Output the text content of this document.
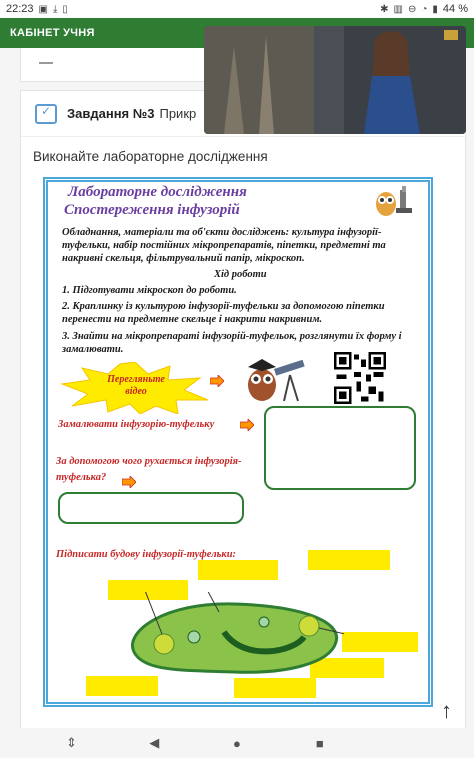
22:23 ▣ ⤓ ▯	✱ ▥ ⊖ ◔ ▮ 44 %
КАБІНЕТ УЧНЯ
✓
Завдання №3 Прикр
Виконайте лабораторне дослідження
Лабораторне дослідження
Спостереження інфузорій
Обладнання, матеріали та об'єкти досліджень: культура інфузорії-туфельки, набір постійних мікропрепаратів, піпетки, предметні та накривні скельця, фільтрувальний папір, мікроскоп.
Хід роботи
1. Підготувати мікроскоп до роботи.
2. Краплинку із культурою інфузорії-туфельки за допомогою піпетки перенести на предметне скельце і накрити накривним.
3. Знайти на мікропрепараті інфузорій-туфельок, розглянути їх форму і замалювати.
Перегляньте відео
Замалювати інфузорію-туфельку
За допомогою чого рухається інфузорія-туфелька?
Підписати будову інфузорії-туфельки:
↑
⇕	◀	●	■
